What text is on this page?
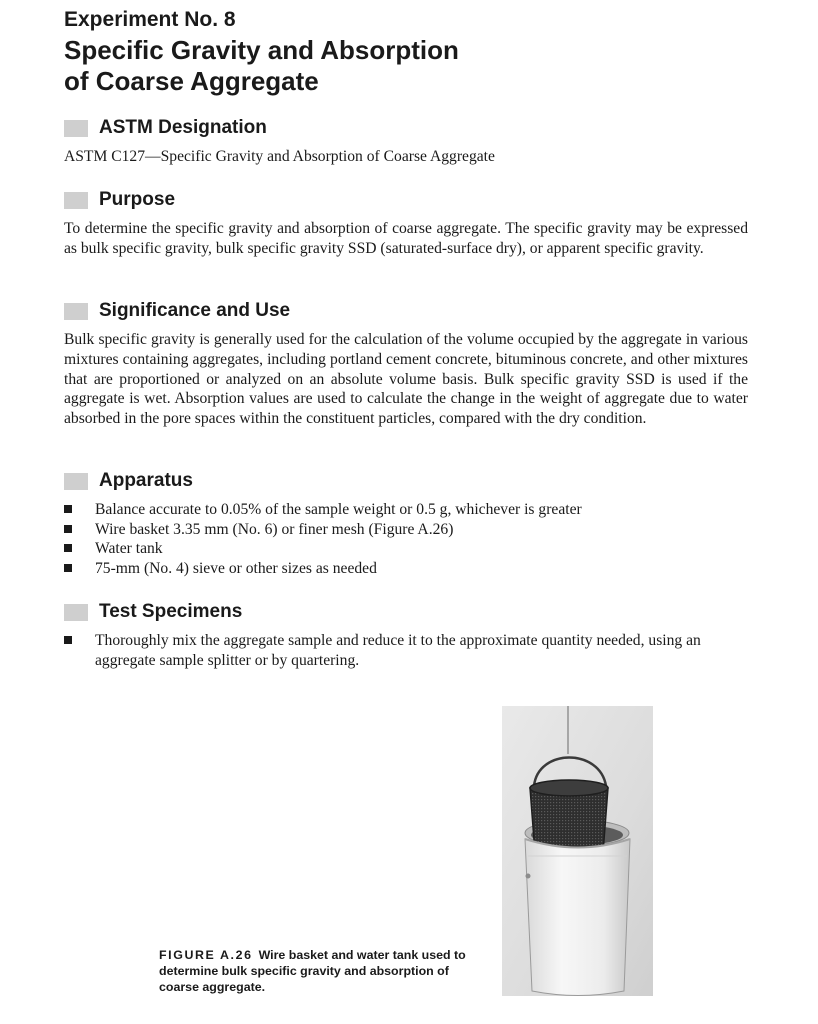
Experiment No. 8
Specific Gravity and Absorption
of Coarse Aggregate
ASTM Designation

ASTM C127—Specific Gravity and Absorption of Coarse Aggregate

Purpose

To determine the specific gravity and absorption of coarse aggregate. The specific gravity may be expressed as bulk specific gravity, bulk specific gravity SSD (saturated-surface dry), or apparent specific gravity.

Significance and Use

Bulk specific gravity is generally used for the calculation of the volume occupied by the aggregate in various mixtures containing aggregates, including portland cement concrete, bituminous concrete, and other mixtures that are proportioned or analyzed on an absolute volume basis. Bulk specific gravity SSD is used if the aggregate is wet. Absorption values are used to calculate the change in the weight of aggregate due to water absorbed in the pore spaces within the constituent particles, compared with the dry condition.

Apparatus
Balance accurate to 0.05% of the sample weight or 0.5 g, whichever is greater
Wire basket 3.35 mm (No. 6) or finer mesh (Figure A.26)
Water tank
75-mm (No. 4) sieve or other sizes as needed
Test Specimens
Thoroughly mix the aggregate sample and reduce it to the approximate quantity needed, using an aggregate sample splitter or by quartering.
FIGURE A.26 Wire basket and water tank used to determine bulk specific gravity and absorption of coarse aggregate.
